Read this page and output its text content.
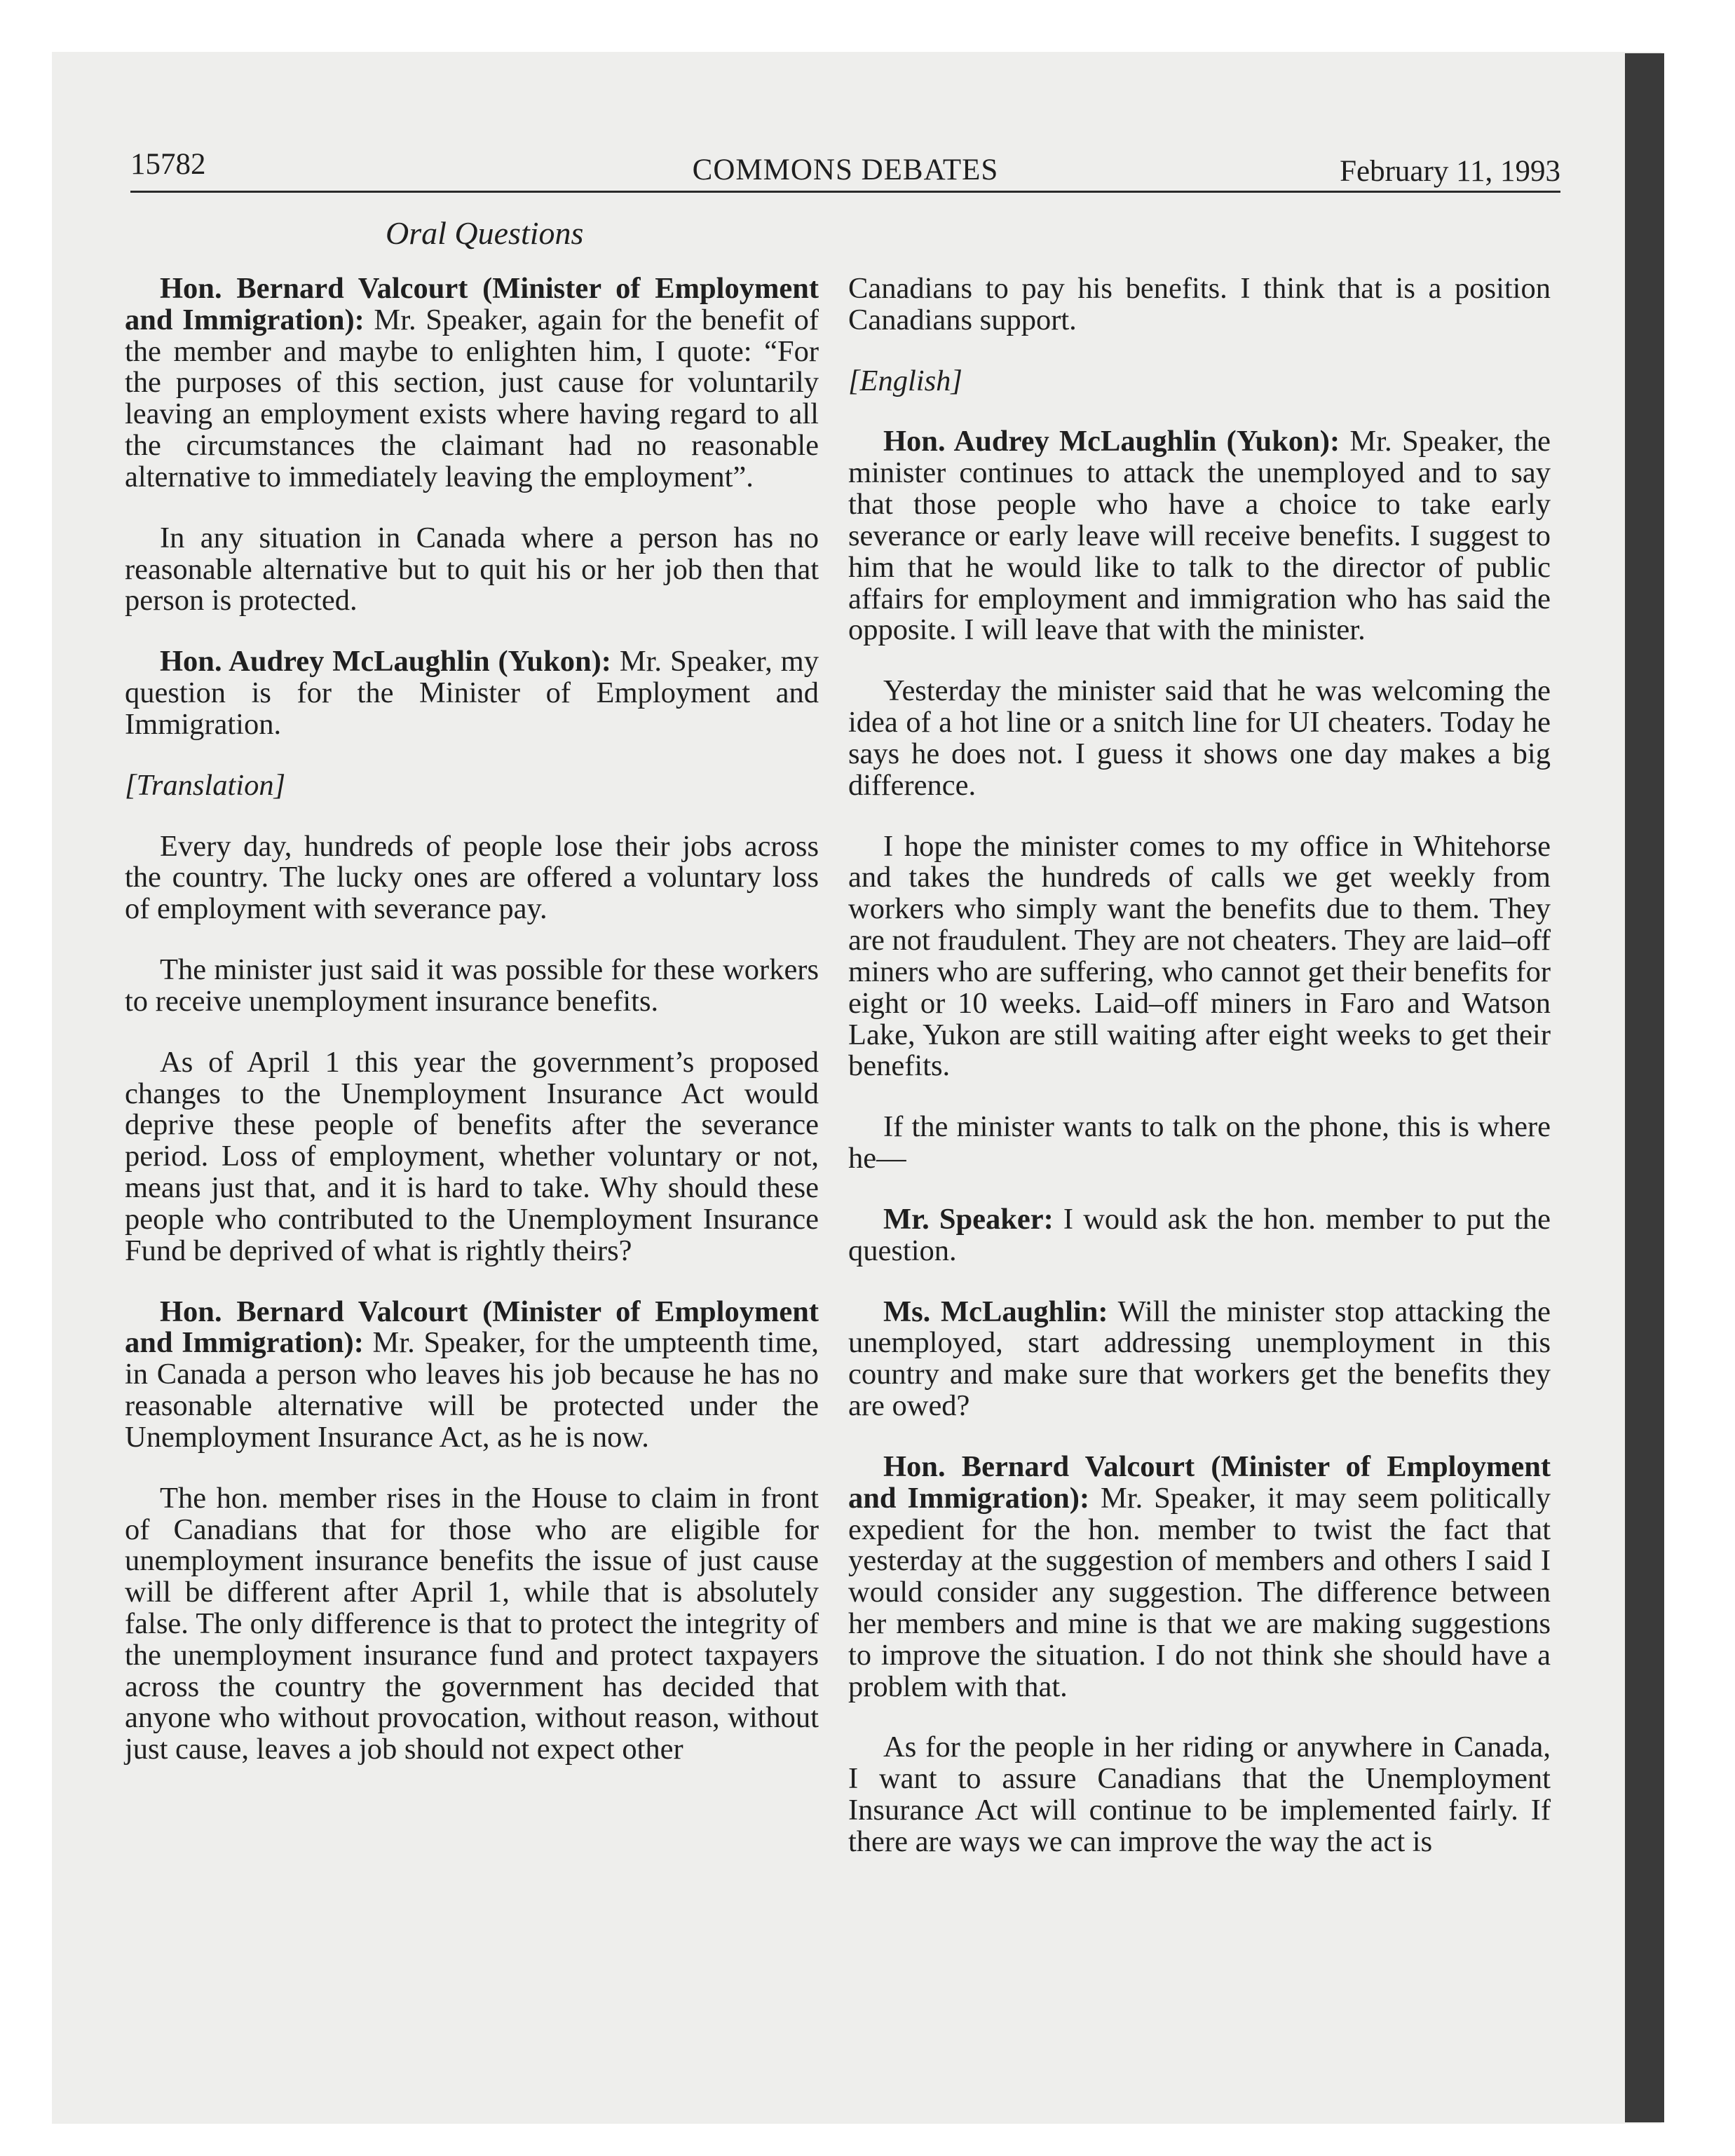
15782	COMMONS DEBATES	February 11, 1993
Oral Questions

Hon. Bernard Valcourt (Minister of Employment and Immigration): Mr. Speaker, again for the benefit of the member and maybe to enlighten him, I quote: “For the purposes of this section, just cause for voluntarily leaving an employment exists where having regard to all the circumstances the claimant had no reasonable alternative to immediately leaving the employment”.

In any situation in Canada where a person has no reasonable alternative but to quit his or her job then that person is protected.

Hon. Audrey McLaughlin (Yukon): Mr. Speaker, my question is for the Minister of Employment and Immigration.

[Translation]

Every day, hundreds of people lose their jobs across the country. The lucky ones are offered a voluntary loss of employment with severance pay.

The minister just said it was possible for these workers to receive unemployment insurance benefits.

As of April 1 this year the government’s proposed changes to the Unemployment Insurance Act would deprive these people of benefits after the severance period. Loss of employment, whether voluntary or not, means just that, and it is hard to take. Why should these people who contributed to the Unemployment Insurance Fund be deprived of what is rightly theirs?

Hon. Bernard Valcourt (Minister of Employment and Immigration): Mr. Speaker, for the umpteenth time, in Canada a person who leaves his job because he has no reasonable alternative will be protected under the Unemployment Insurance Act, as he is now.

The hon. member rises in the House to claim in front of Canadians that for those who are eligible for unemployment insurance benefits the issue of just cause will be different after April 1, while that is absolutely false. The only difference is that to protect the integrity of the unemployment insurance fund and protect taxpayers across the country the government has decided that anyone who without provocation, without reason, without just cause, leaves a job should not expect other

Canadians to pay his benefits. I think that is a position Canadians support.

[English]

Hon. Audrey McLaughlin (Yukon): Mr. Speaker, the minister continues to attack the unemployed and to say that those people who have a choice to take early severance or early leave will receive benefits. I suggest to him that he would like to talk to the director of public affairs for employment and immigration who has said the opposite. I will leave that with the minister.

Yesterday the minister said that he was welcoming the idea of a hot line or a snitch line for UI cheaters. Today he says he does not. I guess it shows one day makes a big difference.

I hope the minister comes to my office in Whitehorse and takes the hundreds of calls we get weekly from workers who simply want the benefits due to them. They are not fraudulent. They are not cheaters. They are laid–off miners who are suffering, who cannot get their benefits for eight or 10 weeks. Laid–off miners in Faro and Watson Lake, Yukon are still waiting after eight weeks to get their benefits.

If the minister wants to talk on the phone, this is where he—

Mr. Speaker: I would ask the hon. member to put the question.

Ms. McLaughlin: Will the minister stop attacking the unemployed, start addressing unemployment in this country and make sure that workers get the benefits they are owed?

Hon. Bernard Valcourt (Minister of Employment and Immigration): Mr. Speaker, it may seem politically expedient for the hon. member to twist the fact that yesterday at the suggestion of members and others I said I would consider any suggestion. The difference between her members and mine is that we are making suggestions to improve the situation. I do not think she should have a problem with that.

As for the people in her riding or anywhere in Canada, I want to assure Canadians that the Unemployment Insurance Act will continue to be implemented fairly. If there are ways we can improve the way the act is
